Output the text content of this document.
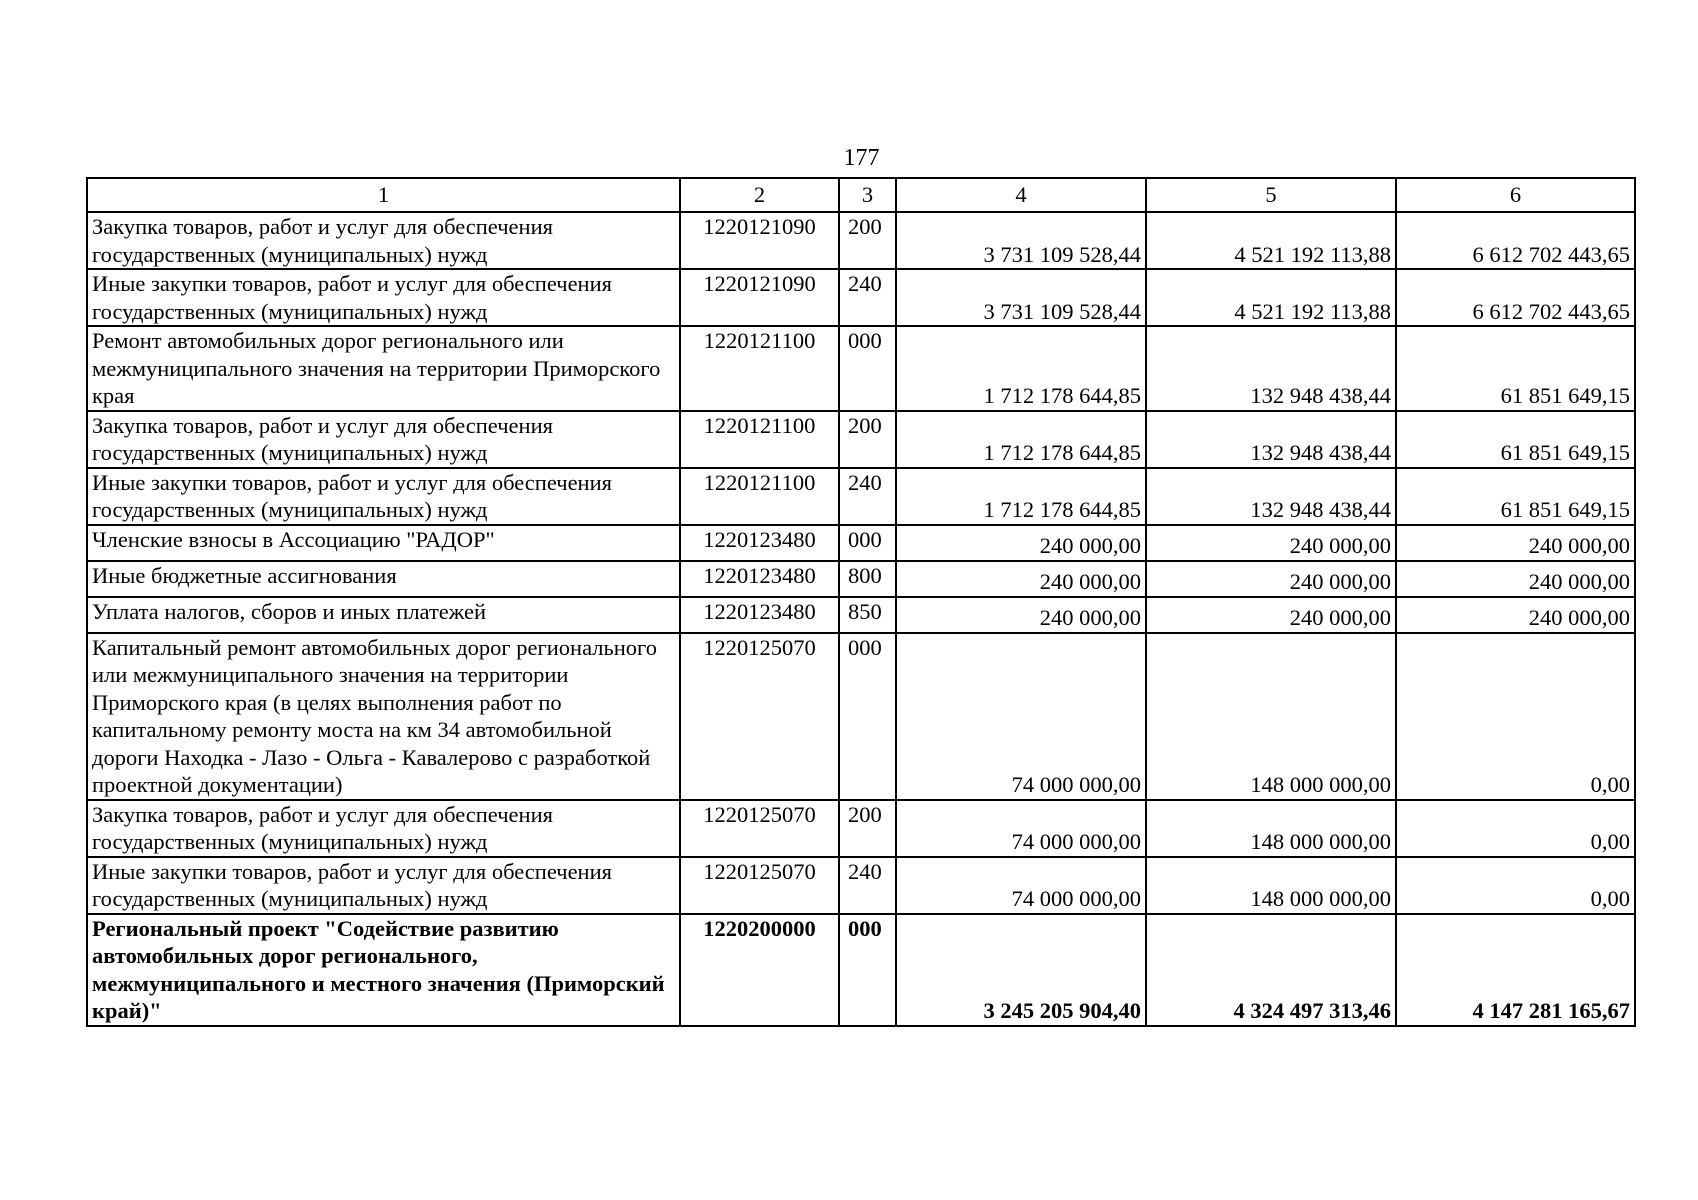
177
1	2	3	4	5	6
Закупка товаров, работ и услуг для обеспечения государственных (муниципальных) нужд	1220121090	200	3 731 109 528,44	4 521 192 113,88	6 612 702 443,65
Иные закупки товаров, работ и услуг для обеспечения государственных (муниципальных) нужд	1220121090	240	3 731 109 528,44	4 521 192 113,88	6 612 702 443,65
Ремонт автомобильных дорог регионального или межмуниципального значения на территории Приморского края	1220121100	000	1 712 178 644,85	132 948 438,44	61 851 649,15
Закупка товаров, работ и услуг для обеспечения государственных (муниципальных) нужд	1220121100	200	1 712 178 644,85	132 948 438,44	61 851 649,15
Иные закупки товаров, работ и услуг для обеспечения государственных (муниципальных) нужд	1220121100	240	1 712 178 644,85	132 948 438,44	61 851 649,15
Членские взносы в Ассоциацию "РАДОР"	1220123480	000	240 000,00	240 000,00	240 000,00
Иные бюджетные ассигнования	1220123480	800	240 000,00	240 000,00	240 000,00
Уплата налогов, сборов и иных платежей	1220123480	850	240 000,00	240 000,00	240 000,00
Капитальный ремонт автомобильных дорог регионального или межмуниципального значения на территории Приморского края (в целях выполнения работ по капитальному ремонту моста на км 34 автомобильной дороги Находка - Лазо - Ольга - Кавалерово с разработкой проектной документации)	1220125070	000	74 000 000,00	148 000 000,00	0,00
Закупка товаров, работ и услуг для обеспечения государственных (муниципальных) нужд	1220125070	200	74 000 000,00	148 000 000,00	0,00
Иные закупки товаров, работ и услуг для обеспечения государственных (муниципальных) нужд	1220125070	240	74 000 000,00	148 000 000,00	0,00
Региональный проект "Содействие развитию автомобильных дорог регионального, межмуниципального и местного значения (Приморский край)"	1220200000	000	3 245 205 904,40	4 324 497 313,46	4 147 281 165,67
